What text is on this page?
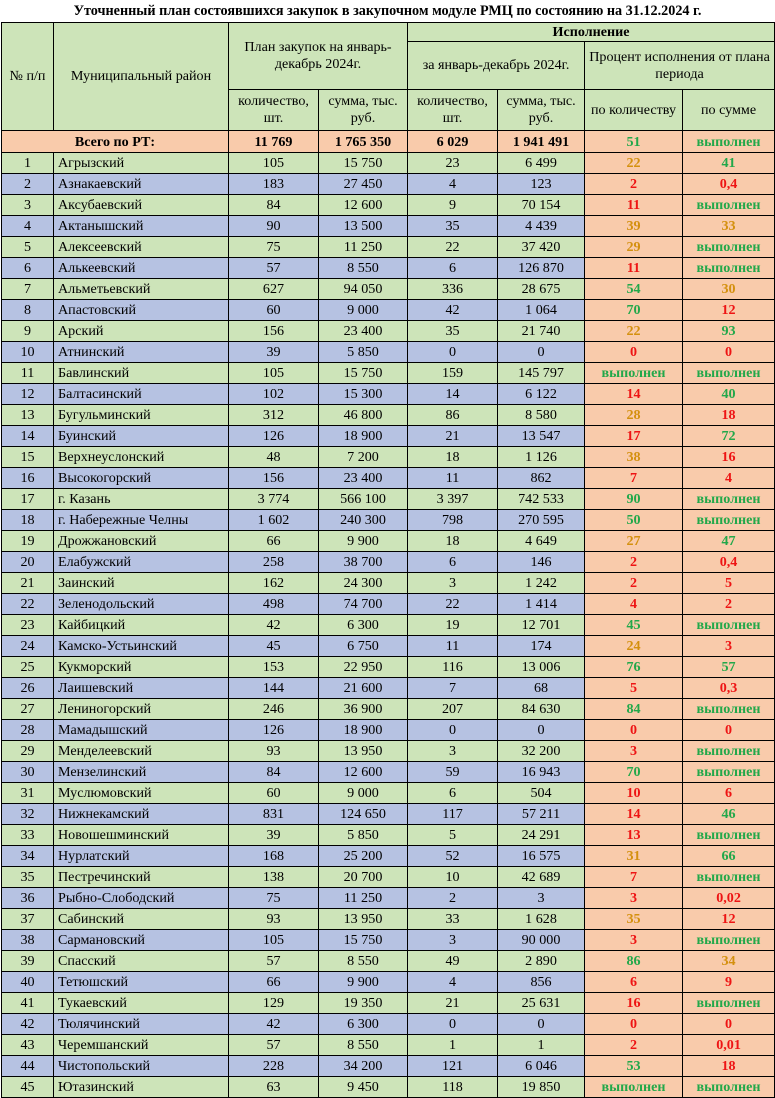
Уточненный план состоявшихся закупок в закупочном модуле РМЦ по состоянию на 31.12.2024 г.
№ п/п	Муниципальный район	План закупок на январь-декабрь 2024г.		Исполнение			
				за январь-декабрь 2024г.		Процент исполнения от плана периода	
		количество, шт.	сумма, тыс. руб.	количество, шт.	сумма, тыс. руб.	по количеству	по сумме
Всего по РТ:		11 769	1 765 350	6 029	1 941 491	51	выполнен
1	Агрызский	105	15 750	23	6 499	22	41
2	Азнакаевский	183	27 450	4	123	2	0,4
3	Аксубаевский	84	12 600	9	70 154	11	выполнен
4	Актанышский	90	13 500	35	4 439	39	33
5	Алексеевский	75	11 250	22	37 420	29	выполнен
6	Алькеевский	57	8 550	6	126 870	11	выполнен
7	Альметьевский	627	94 050	336	28 675	54	30
8	Апастовский	60	9 000	42	1 064	70	12
9	Арский	156	23 400	35	21 740	22	93
10	Атнинский	39	5 850	0	0	0	0
11	Бавлинский	105	15 750	159	145 797	выполнен	выполнен
12	Балтасинский	102	15 300	14	6 122	14	40
13	Бугульминский	312	46 800	86	8 580	28	18
14	Буинский	126	18 900	21	13 547	17	72
15	Верхнеуслонский	48	7 200	18	1 126	38	16
16	Высокогорский	156	23 400	11	862	7	4
17	г. Казань	3 774	566 100	3 397	742 533	90	выполнен
18	г. Набережные Челны	1 602	240 300	798	270 595	50	выполнен
19	Дрожжановский	66	9 900	18	4 649	27	47
20	Елабужский	258	38 700	6	146	2	0,4
21	Заинский	162	24 300	3	1 242	2	5
22	Зеленодольский	498	74 700	22	1 414	4	2
23	Кайбицкий	42	6 300	19	12 701	45	выполнен
24	Камско-Устьинский	45	6 750	11	174	24	3
25	Кукморский	153	22 950	116	13 006	76	57
26	Лаишевский	144	21 600	7	68	5	0,3
27	Лениногорский	246	36 900	207	84 630	84	выполнен
28	Мамадышский	126	18 900	0	0	0	0
29	Менделеевский	93	13 950	3	32 200	3	выполнен
30	Мензелинский	84	12 600	59	16 943	70	выполнен
31	Муслюмовский	60	9 000	6	504	10	6
32	Нижнекамский	831	124 650	117	57 211	14	46
33	Новошешминский	39	5 850	5	24 291	13	выполнен
34	Нурлатский	168	25 200	52	16 575	31	66
35	Пестречинский	138	20 700	10	42 689	7	выполнен
36	Рыбно-Слободский	75	11 250	2	3	3	0,02
37	Сабинский	93	13 950	33	1 628	35	12
38	Сармановский	105	15 750	3	90 000	3	выполнен
39	Спасский	57	8 550	49	2 890	86	34
40	Тетюшский	66	9 900	4	856	6	9
41	Тукаевский	129	19 350	21	25 631	16	выполнен
42	Тюлячинский	42	6 300	0	0	0	0
43	Черемшанский	57	8 550	1	1	2	0,01
44	Чистопольский	228	34 200	121	6 046	53	18
45	Ютазинский	63	9 450	118	19 850	выполнен	выполнен
